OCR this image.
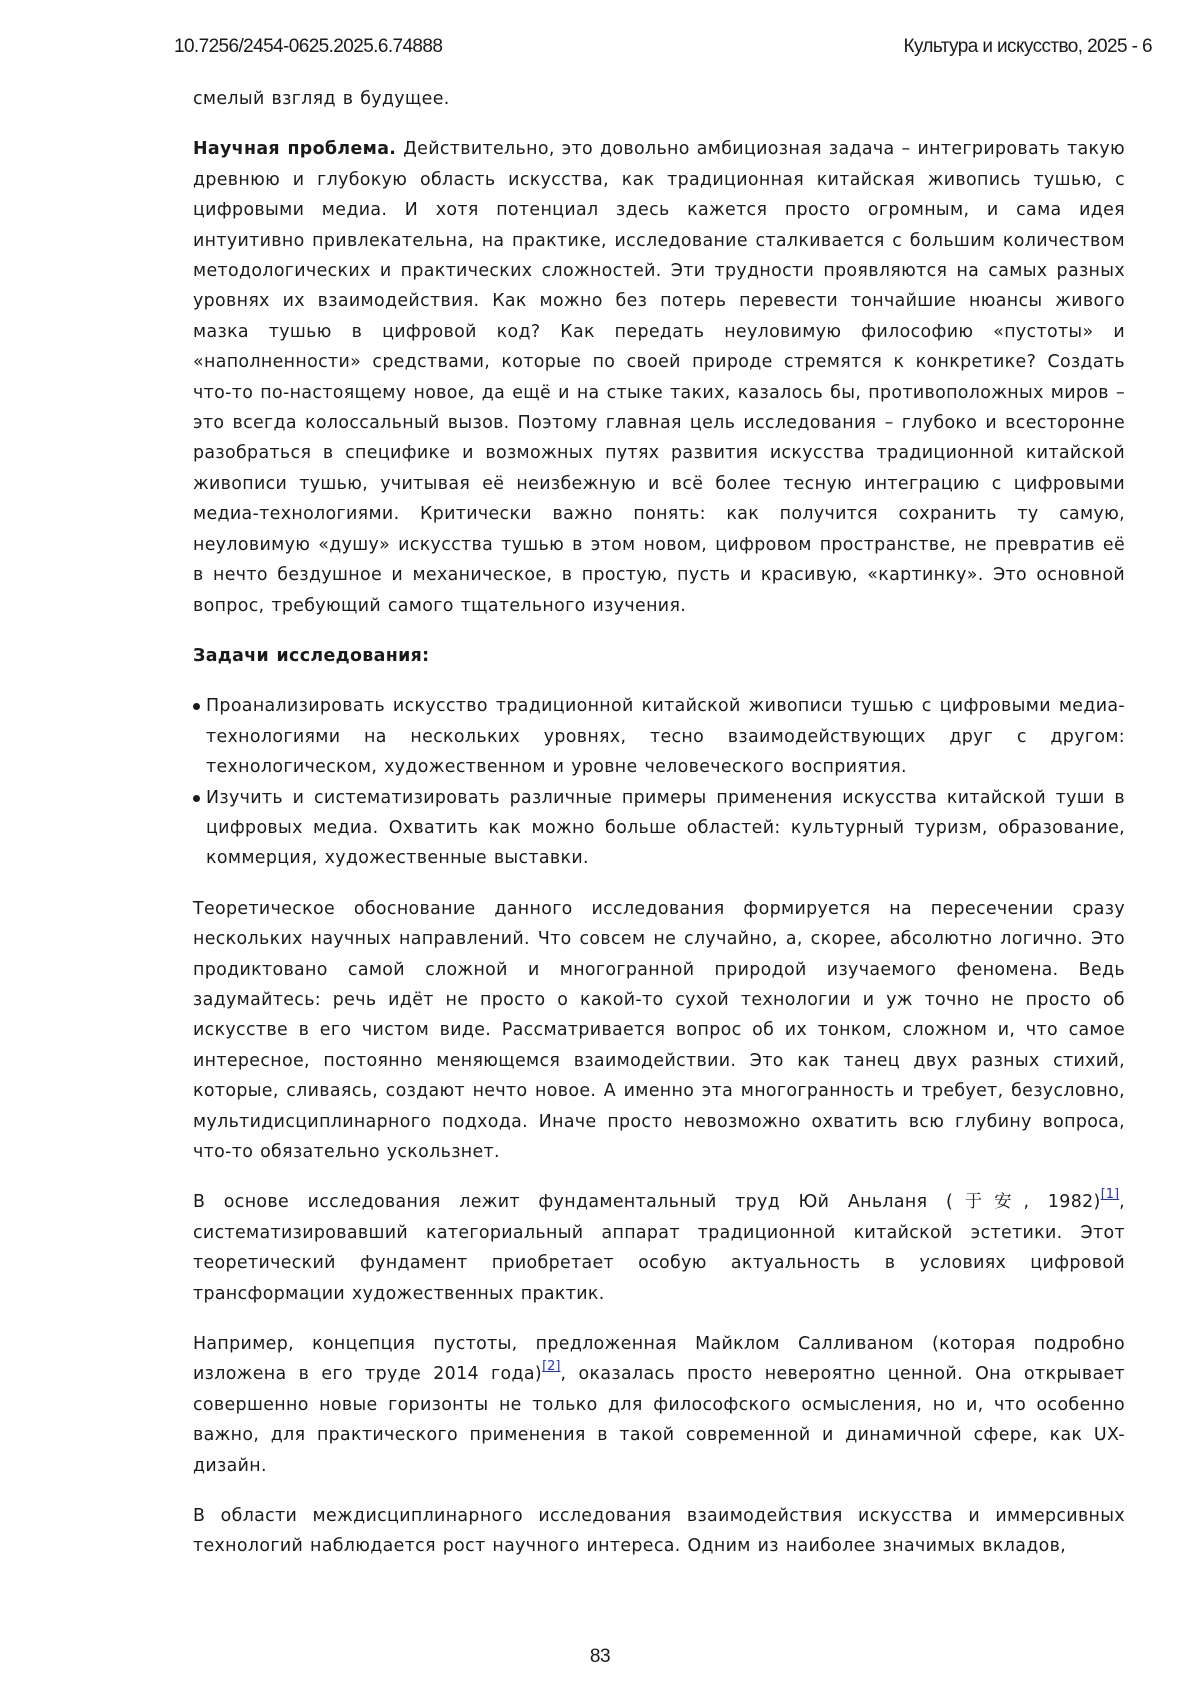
10.7256/2454-0625.2025.6.74888	Культура и искусство, 2025 - 6

смелый взгляд в будущее.

Научная проблема. Действительно, это довольно амбициозная задача – интегрировать такую древнюю и глубокую область искусства, как традиционная китайская живопись тушью, с цифровыми медиа. И хотя потенциал здесь кажется просто огромным, и сама идея интуитивно привлекательна, на практике, исследование сталкивается с большим количеством методологических и практических сложностей. Эти трудности проявляются на самых разных уровнях их взаимодействия. Как можно без потерь перевести тончайшие нюансы живого мазка тушью в цифровой код? Как передать неуловимую философию «пустоты» и «наполненности» средствами, которые по своей природе стремятся к конкретике? Создать что-то по-настоящему новое, да ещё и на стыке таких, казалось бы, противоположных миров – это всегда колоссальный вызов. Поэтому главная цель исследования – глубоко и всесторонне разобраться в специфике и возможных путях развития искусства традиционной китайской живописи тушью, учитывая её неизбежную и всё более тесную интеграцию с цифровыми медиа-технологиями. Критически важно понять: как получится сохранить ту самую, неуловимую «душу» искусства тушью в этом новом, цифровом пространстве, не превратив её в нечто бездушное и механическое, в простую, пусть и красивую, «картинку». Это основной вопрос, требующий самого тщательного изучения.

Задачи исследования:

Проанализировать искусство традиционной китайской живописи тушью с цифровыми медиа-технологиями на нескольких уровнях, тесно взаимодействующих друг с другом: технологическом, художественном и уровне человеческого восприятия.
Изучить и систематизировать различные примеры применения искусства китайской туши в цифровых медиа. Охватить как можно больше областей: культурный туризм, образование, коммерция, художественные выставки.

Теоретическое обоснование данного исследования формируется на пересечении сразу нескольких научных направлений. Что совсем не случайно, а, скорее, абсолютно логично. Это продиктовано самой сложной и многогранной природой изучаемого феномена. Ведь задумайтесь: речь идёт не просто о какой-то сухой технологии и уж точно не просто об искусстве в его чистом виде. Рассматривается вопрос об их тонком, сложном и, что самое интересное, постоянно меняющемся взаимодействии. Это как танец двух разных стихий, которые, сливаясь, создают нечто новое. А именно эта многогранность и требует, безусловно, мультидисциплинарного подхода. Иначе просто невозможно охватить всю глубину вопроса, что-то обязательно ускользнет.

В основе исследования лежит фундаментальный труд Юй Аньланя (于安, 1982)[1], систематизировавший категориальный аппарат традиционной китайской эстетики. Этот теоретический фундамент приобретает особую актуальность в условиях цифровой трансформации художественных практик.

Например, концепция пустоты, предложенная Майклом Салливаном (которая подробно изложена в его труде 2014 года)[2], оказалась просто невероятно ценной. Она открывает совершенно новые горизонты не только для философского осмысления, но и, что особенно важно, для практического применения в такой современной и динамичной сфере, как UX-дизайн.

В области междисциплинарного исследования взаимодействия искусства и иммерсивных технологий наблюдается рост научного интереса. Одним из наиболее значимых вкладов,

83
